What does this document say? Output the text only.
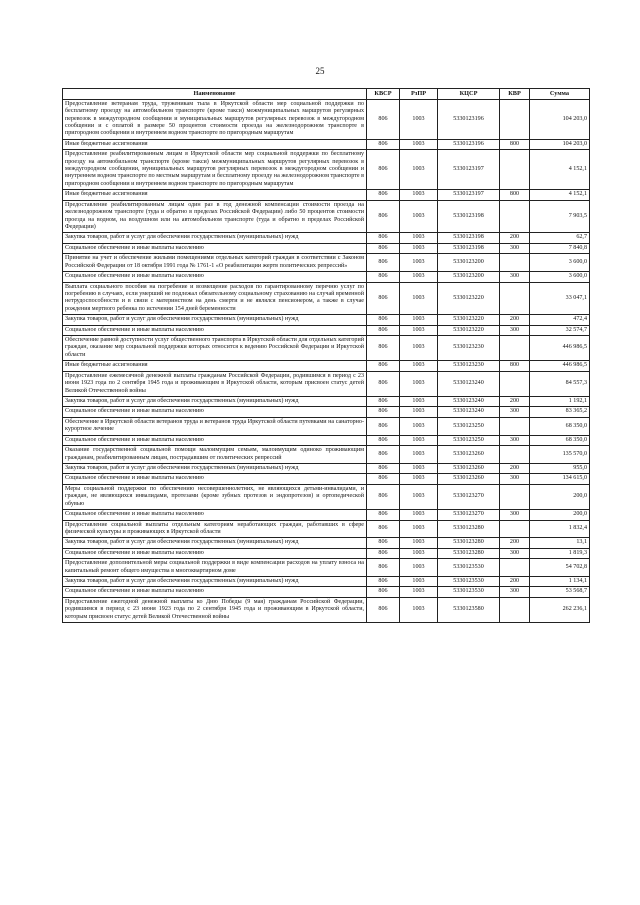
25
Наименование	КВСР	РзПР	КЦСР	КВР	Сумма
Предоставление ветеранам труда, труженикам тыла в Иркутской области мер социальной поддержки по бесплатному проезду на автомобильном транспорте (кроме такси) межмуниципальных маршрутов регулярных перевозок в междугородном сообщении и муниципальных маршрутов регулярных перевозок в междугородном сообщении и с оплатой в размере 50 процентов стоимости проезда на железнодорожном транспорте в пригородном сообщении и внутреннем водном транспорте по пригородным маршрутам	806	1003	5330123196		104 203,0
Иные бюджетные ассигнования	806	1003	5330123196	800	104 203,0
Предоставление реабилитированным лицам в Иркутской области мер социальной поддержки по бесплатному проезду на автомобильном транспорте (кроме такси) межмуниципальных маршрутов регулярных перевозок в междугородном сообщении, муниципальных маршрутов регулярных перевозок в междугородном сообщении и внутреннем водном транспорте по местным маршрутам и бесплатному проезду на железнодорожном транспорте в пригородном сообщении и внутреннем водном транспорте по пригородным маршрутам	806	1003	5330123197		4 152,1
Иные бюджетные ассигнования	806	1003	5330123197	800	4 152,1
Предоставление реабилитированным лицам один раз в год денежной компенсации стоимости проезда на железнодорожном транспорте (туда и обратно в пределах Российской Федерации) либо 50 процентов стоимости проезда на водном, на воздушном или на автомобильном транспорте (туда и обратно в пределах Российской Федерации)	806	1003	5330123198		7 903,5
Закупка товаров, работ и услуг для обеспечения государственных (муниципальных) нужд	806	1003	5330123198	200	62,7
Социальное обеспечение и иные выплаты населению	806	1003	5330123198	300	7 840,8
Принятие на учет и обеспечение жилыми помещениями отдельных категорий граждан в соответствии с Законом Российской Федерации от 18 октября 1991 года № 1761-1 «О реабилитации жертв политических репрессий»	806	1003	5330123200		3 600,0
Социальное обеспечение и иные выплаты населению	806	1003	5330123200	300	3 600,0
Выплата социального пособия на погребение и возмещение расходов по гарантированному перечню услуг по погребению в случаях, если умерший не подлежал обязательному социальному страхованию на случай временной нетрудоспособности и в связи с материнством на день смерти и не являлся пенсионером, а также в случае рождения мертвого ребенка по истечении 154 дней беременности	806	1003	5330123220		33 047,1
Закупка товаров, работ и услуг для обеспечения государственных (муниципальных) нужд	806	1003	5330123220	200	472,4
Социальное обеспечение и иные выплаты населению	806	1003	5330123220	300	32 574,7
Обеспечение равной доступности услуг общественного транспорта в Иркутской области для отдельных категорий граждан, оказание мер социальной поддержки которых относится к ведению Российской Федерации и Иркутской области	806	1003	5330123230		446 986,5
Иные бюджетные ассигнования	806	1003	5330123230	800	446 986,5
Предоставление ежемесячной денежной выплаты гражданам Российской Федерации, родившимся в период с 23 июня 1923 года по 2 сентября 1945 года и проживающим в Иркутской области, которым присвоен статус детей Великой Отечественной войны	806	1003	5330123240		84 557,3
Закупка товаров, работ и услуг для обеспечения государственных (муниципальных) нужд	806	1003	5330123240	200	1 192,1
Социальное обеспечение и иные выплаты населению	806	1003	5330123240	300	83 365,2
Обеспечение в Иркутской области ветеранов труда и ветеранов труда Иркутской области путевками на санаторно-курортное лечение	806	1003	5330123250		68 350,0
Социальное обеспечение и иные выплаты населению	806	1003	5330123250	300	68 350,0
Оказание государственной социальной помощи малоимущим семьям, малоимущим одиноко проживающим гражданам, реабилитированным лицам, пострадавшим от политических репрессий	806	1003	5330123260		135 570,0
Закупка товаров, работ и услуг для обеспечения государственных (муниципальных) нужд	806	1003	5330123260	200	955,0
Социальное обеспечение и иные выплаты населению	806	1003	5330123260	300	134 615,0
Меры социальной поддержки по обеспечению несовершеннолетних, не являющихся детьми-инвалидами, и граждан, не являющихся инвалидами, протезами (кроме зубных протезов и эндопротезов) и ортопедической обувью	806	1003	5330123270		200,0
Социальное обеспечение и иные выплаты населению	806	1003	5330123270	300	200,0
Предоставление социальной выплаты отдельным категориям неработающих граждан, работавших в сфере физической культуры и проживающих в Иркутской области	806	1003	5330123280		1 832,4
Закупка товаров, работ и услуг для обеспечения государственных (муниципальных) нужд	806	1003	5330123280	200	13,1
Социальное обеспечение и иные выплаты населению	806	1003	5330123280	300	1 819,3
Предоставление дополнительной меры социальной поддержки в виде компенсации расходов на уплату взноса на капитальный ремонт общего имущества в многоквартирном доме	806	1003	5330123530		54 702,8
Закупка товаров, работ и услуг для обеспечения государственных (муниципальных) нужд	806	1003	5330123530	200	1 134,1
Социальное обеспечение и иные выплаты населению	806	1003	5330123530	300	53 568,7
Предоставление ежегодной денежной выплаты ко Дню Победы (9 мая) гражданам Российской Федерации, родившимся в период с 23 июня 1923 года по 2 сентября 1945 года и проживающим в Иркутской области, которым присвоен статус детей Великой Отечественной войны	806	1003	5330123580		262 236,1
